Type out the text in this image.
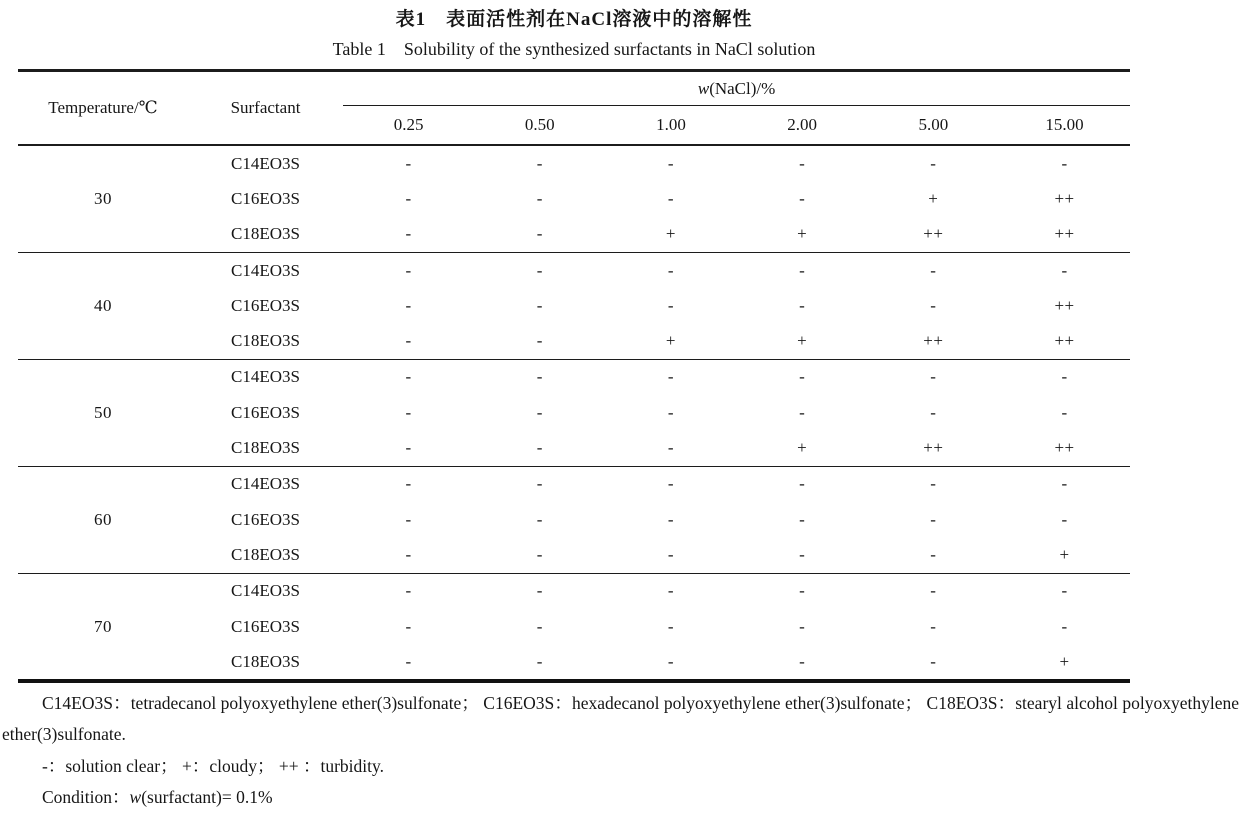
表1　表面活性剂在NaCl溶液中的溶解性
Table 1    Solubility of the synthesized surfactants in NaCl solution
Temperature/℃	Surfactant	w(NaCl)/%					
		0.25	0.50	1.00	2.00	5.00	15.00
30	C14EO3S	-	-	-	-	-	-
	C16EO3S	-	-	-	-	+	++
	C18EO3S	-	-	+	+	++	++
40	C14EO3S	-	-	-	-	-	-
	C16EO3S	-	-	-	-	-	++
	C18EO3S	-	-	+	+	++	++
50	C14EO3S	-	-	-	-	-	-
	C16EO3S	-	-	-	-	-	-
	C18EO3S	-	-	-	+	++	++
60	C14EO3S	-	-	-	-	-	-
	C16EO3S	-	-	-	-	-	-
	C18EO3S	-	-	-	-	-	+
70	C14EO3S	-	-	-	-	-	-
	C16EO3S	-	-	-	-	-	-
	C18EO3S	-	-	-	-	-	+

C14EO3S：tetradecanol polyoxyethylene ether(3)sulfonate； C16EO3S：hexadecanol polyoxyethylene ether(3)sulfonate； C18EO3S：stearyl alcohol polyoxyethylene ether(3)sulfonate.

-：solution clear； +：cloudy； ++ ：turbidity.

Condition：w(surfactant)= 0.1%
